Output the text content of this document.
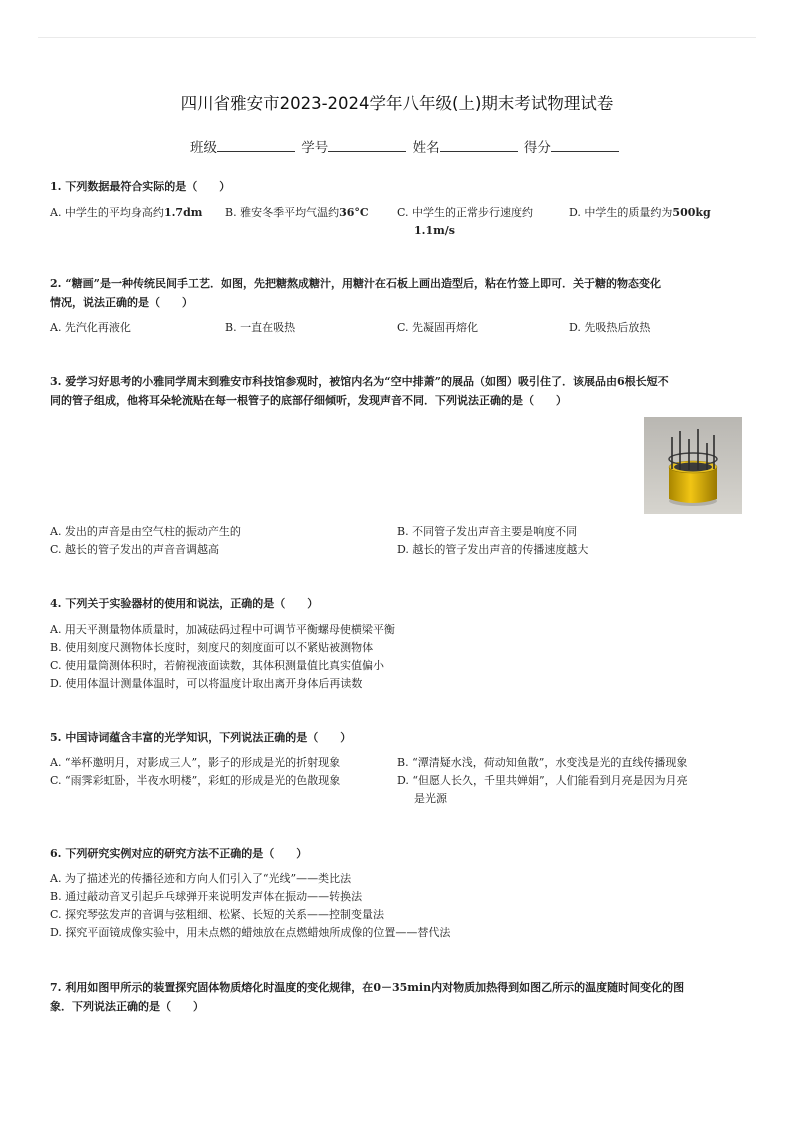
四川省雅安市2023-2024学年八年级(上)期末考试物理试卷
班级	学号	姓名	得分
1. 下列数据最符合实际的是（　　）
A. 中学生的平均身高约1.7dm B. 雅安冬季平均气温约36°C	C. 中学生的正常步行速度约
1.1m/s
D. 中学生的质量约为500kg
2. “糖画”是一种传统民间手工艺．如图，先把糖熬成糖汁，用糖汁在石板上画出造型后，粘在竹签上即可．关于糖的物态变化
情况，说法正确的是（　　）
A. 先汽化再液化	B. 一直在吸热	C. 先凝固再熔化	D. 先吸热后放热
3. 爱学习好思考的小雅同学周末到雅安市科技馆参观时，被馆内名为“空中排萧”的展品（如图）吸引住了．该展品由6根长短不
同的管子组成，他将耳朵轮流贴在每一根管子的底部仔细倾听，发现声音不同．下列说法正确的是（　　）
A. 发出的声音是由空气柱的振动产生的	B. 不同管子发出声音主要是响度不同
C. 越长的管子发出的声音音调越高	D. 越长的管子发出声音的传播速度越大
4. 下列关于实验器材的使用和说法，正确的是（　　）
A. 用天平测量物体质量时，加减砝码过程中可调节平衡螺母使横梁平衡
B. 使用刻度尺测物体长度时，刻度尺的刻度面可以不紧贴被测物体
C. 使用量筒测体积时，若俯视液面读数，其体积测量值比真实值偏小
D. 使用体温计测量体温时，可以将温度计取出离开身体后再读数
5. 中国诗词蕴含丰富的光学知识，下列说法正确的是（　　）
A. “举杯邀明月，对影成三人”，影子的形成是光的折射现象	B. “潭清疑水浅，荷动知鱼散”，水变浅是光的直线传播现象
C. “雨霁彩虹卧，半夜水明楼”，彩虹的形成是光的色散现象	D. “但愿人长久，千里共婵娟”，人们能看到月亮是因为月亮
是光源
6. 下列研究实例对应的研究方法不正确的是（　　）
A. 为了描述光的传播径迹和方向人们引入了“光线”——类比法
B. 通过敲动音叉引起乒乓球弹开来说明发声体在振动——转换法
C. 探究琴弦发声的音调与弦粗细、松紧、长短的关系——控制变量法
D. 探究平面镜成像实验中，用未点燃的蜡烛放在点燃蜡烛所成像的位置——替代法
7. 利用如图甲所示的装置探究固体物质熔化时温度的变化规律，在0－35min内对物质加热得到如图乙所示的温度随时间变化的图
象．下列说法正确的是（　　）
